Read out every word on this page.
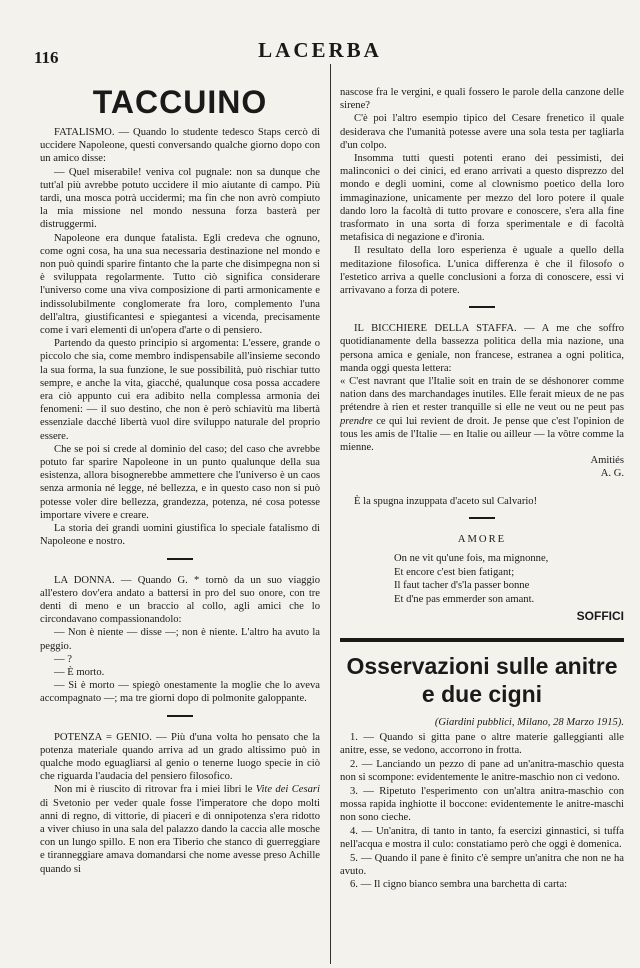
116	LACERBA
TACCUINO

FATALISMO. — Quando lo studente tedesco Staps cercò di uccidere Napoleone, questi conversando qualche giorno dopo con un amico disse:

— Quel miserabile! veniva col pugnale: non sa dunque che tutt'al più avrebbe potuto uccidere il mio aiutante di campo. Più tardi, una mosca potrà uccidermi; ma fin che non avrò compiuto la mia missione nel mondo nessuna forza basterà per distruggermi.

Napoleone era dunque fatalista. Egli credeva che ognuno, come ogni cosa, ha una sua necessaria destinazione nel mondo e non può quindi sparire fintanto che la parte che disimpegna non si è sviluppata regolarmente. Tutto ciò significa considerare l'universo come una viva composizione di parti armonicamente e indissolubilmente conglomerate fra loro, complemento l'una dell'altra, giustificantesi e spiegantesi a vicenda, precisamente come i vari elementi di un'opera d'arte o di pensiero.

Partendo da questo principio si argomenta: L'essere, grande o piccolo che sia, come membro indispensabile all'insieme secondo la sua forma, la sua funzione, le sue possibilità, può rischiar tutto sempre, e anche la vita, giacché, qualunque cosa possa accadere era ciò appunto cui era adibito nella complessa armonia dei fenomeni: — il suo destino, che non è però schiavitù ma libertà essenziale dacché libertà vuol dire sviluppo naturale del proprio essere.

Che se poi si crede al dominio del caso; del caso che avrebbe potuto far sparire Napoleone in un punto qualunque della sua esistenza, allora bisognerebbe ammettere che l'universo è un caos senza armonia né legge, né bellezza, e in questo caso non si può potesse voler dire bellezza, grandezza, potenza, né cosa potesse importare vivere e creare.

La storia dei grandi uomini giustifica lo speciale fatalismo di Napoleone e nostro.

LA DONNA. — Quando G. * tornò da un suo viaggio all'estero dov'era andato a battersi in pro del suo onore, con tre denti di meno e un braccio al collo, agli amici che lo circondavano compassionandolo:

— Non è niente — disse —; non è niente. L'altro ha avuto la peggio.

— ?

— È morto.

— Si è morto — spiegò onestamente la moglie che lo aveva accompagnato —; ma tre giorni dopo di polmonite galoppante.

POTENZA = GENIO. — Più d'una volta ho pensato che la potenza materiale quando arriva ad un grado altissimo può in qualche modo eguagliarsi al genio o tenerne luogo specie in ciò che riguarda l'audacia del pensiero filosofico.

Non mi è riuscito di ritrovar fra i miei libri le Vite dei Cesari di Svetonio per veder quale fosse l'imperatore che dopo molti anni di regno, di vittorie, di piaceri e di onnipotenza s'era ridotto a viver chiuso in una sala del palazzo dando la caccia alle mosche con un lungo spillo. E non era Tiberio che stanco di guerreggiare e tiranneggiare amava domandarsi che nome avesse preso Achille quando si

nascose fra le vergini, e quali fossero le parole della canzone delle sirene?

C'è poi l'altro esempio tipico del Cesare frenetico il quale desiderava che l'umanità potesse avere una sola testa per tagliarla d'un colpo.

Insomma tutti questi potenti erano dei pessimisti, dei malinconici o dei cinici, ed erano arrivati a questo disprezzo del mondo e degli uomini, come al clownismo poetico della loro immaginazione, unicamente per mezzo del loro potere il quale dando loro la facoltà di tutto provare e conoscere, s'era alla fine trasformato in una sorta di forza sperimentale e di facoltà metafisica di negazione e d'ironia.

Il resultato della loro esperienza è uguale a quello della meditazione filosofica. L'unica differenza è che il filosofo o l'estetico arriva a quelle conclusioni a forza di conoscere, essi vi arrivavano a forza di potere.

IL BICCHIERE DELLA STAFFA. — A me che soffro quotidianamente della bassezza politica della mia nazione, una persona amica e geniale, non francese, estranea a ogni politica, manda oggi questa lettera:

« C'est navrant que l'Italie soit en train de se déshonorer comme nation dans des marchandages inutiles. Elle ferait mieux de ne pas prétendre à rien et rester tranquille si elle ne veut ou ne peut pas prendre ce qui lui revient de droit. Je pense que c'est l'opinion de tous les amis de l'Italie — en Italie ou ailleur — la vôtre comme la mienne.

Amitiés
A. G.

È la spugna inzuppata d'aceto sul Calvario!

AMORE
On ne vit qu'une fois, ma mignonne,
Et encore c'est bien fatigant;
Il faut tacher d's'la passer bonne
Et d'ne pas emmerder son amant.
SOFFICI
Osservazioni sulle anitre e due cigni
(Giardini pubblici, Milano, 28 Marzo 1915).

1. — Quando si gitta pane o altre materie galleggianti alle anitre, esse, se vedono, accorrono in frotta.

2. — Lanciando un pezzo di pane ad un'anitra-maschio questa non si scompone: evidentemente le anitre-maschio non ci vedono.

3. — Ripetuto l'esperimento con un'altra anitra-maschio con mossa rapida inghiotte il boccone: evidentemente le anitre-maschi non sono cieche.

4. — Un'anitra, di tanto in tanto, fa esercizi ginnastici, si tuffa nell'acqua e mostra il culo: constatiamo però che oggi è domenica.

5. — Quando il pane è finito c'è sempre un'anitra che non ne ha avuto.

6. — Il cigno bianco sembra una barchetta di carta:
